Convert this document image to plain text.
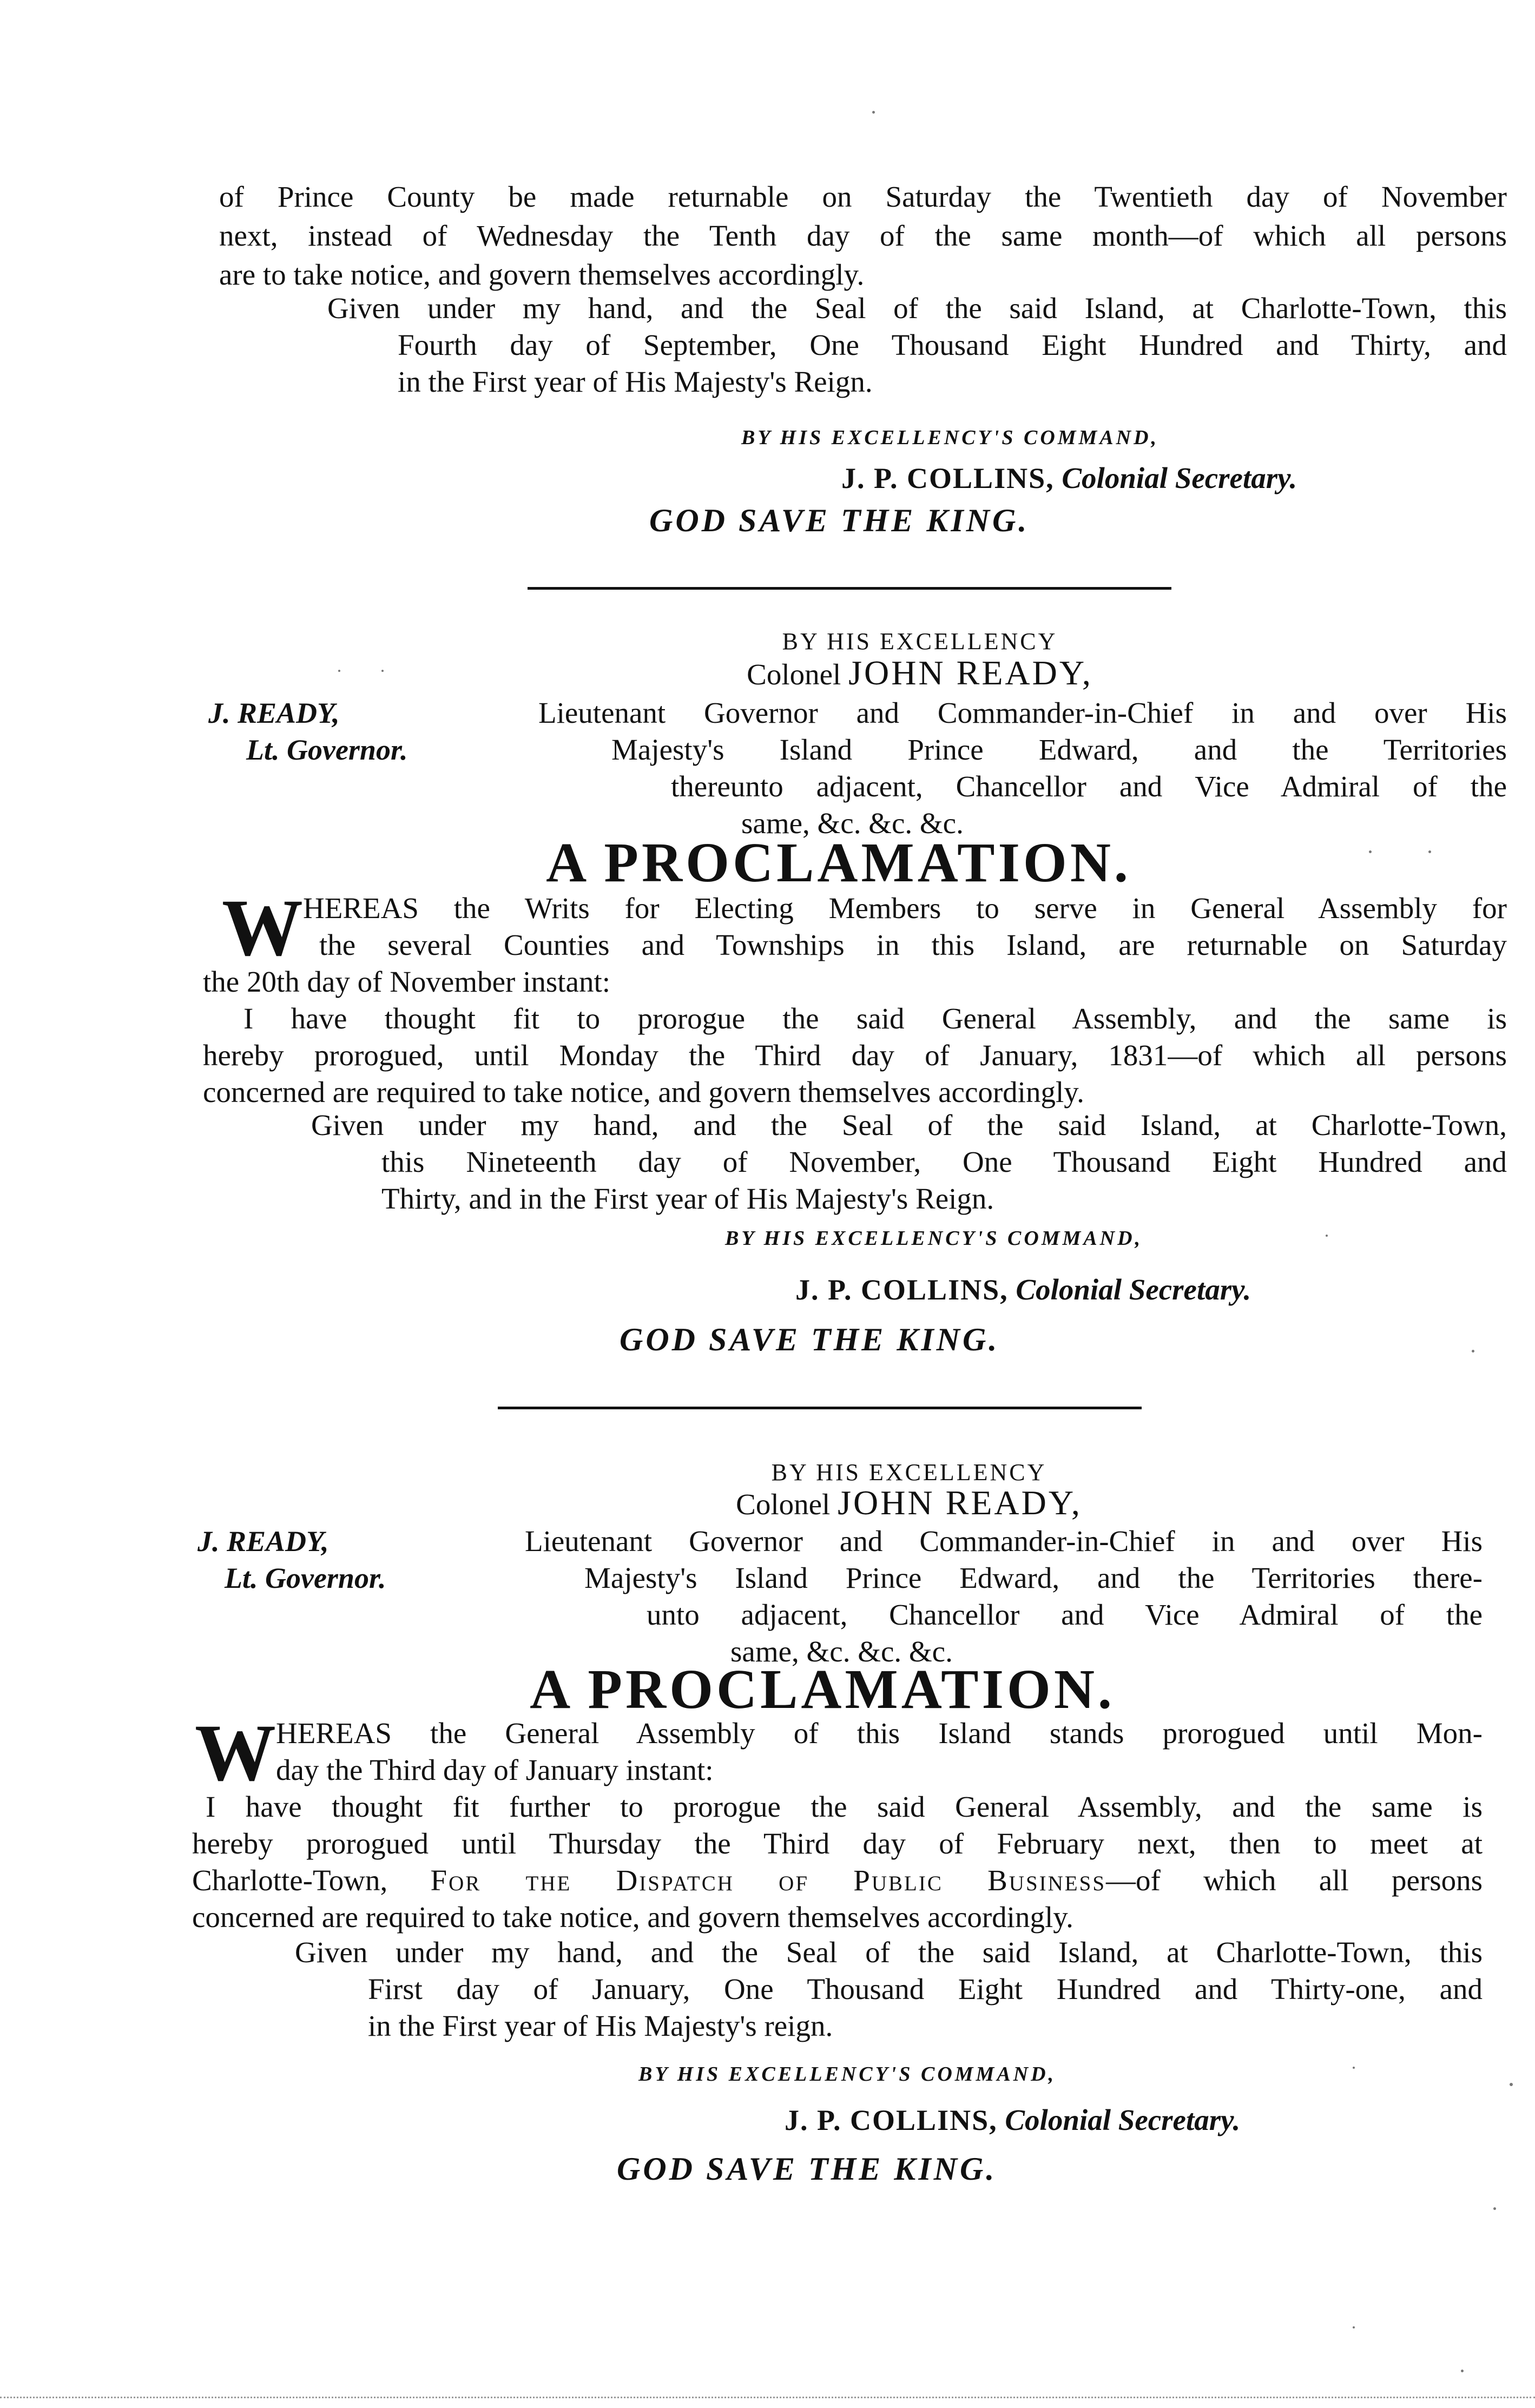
of Prince County be made returnable on Saturday the Twentieth day of November
next, instead of Wednesday the Tenth day of the same month—of which all persons
are to take notice, and govern themselves accordingly.
Given under my hand, and the Seal of the said Island, at Charlotte-Town, this
Fourth day of September, One Thousand Eight Hundred and Thirty, and
in the First year of His Majesty's Reign.
BY HIS EXCELLENCY'S COMMAND,
J. P. COLLINS, Colonial Secretary.
GOD SAVE THE KING.
BY HIS EXCELLENCY
Colonel JOHN READY,
J. READY,
Lt. Governor.
Lieutenant Governor and Commander-in-Chief in and over His
Majesty's Island Prince Edward, and the Territories
thereunto adjacent, Chancellor and Vice Admiral of the
same, &c. &c. &c.
A PROCLAMATION.
W HEREAS the Writs for Electing Members to serve in General Assembly for
the several Counties and Townships in this Island, are returnable on Saturday
the 20th day of November instant:
I have thought fit to prorogue the said General Assembly, and the same is
hereby prorogued, until Monday the Third day of January, 1831—of which all persons
concerned are required to take notice, and govern themselves accordingly.
Given under my hand, and the Seal of the said Island, at Charlotte-Town,
this Nineteenth day of November, One Thousand Eight Hundred and
Thirty, and in the First year of His Majesty's Reign.
BY HIS EXCELLENCY'S COMMAND,
J. P. COLLINS, Colonial Secretary.
GOD SAVE THE KING.
BY HIS EXCELLENCY
Colonel JOHN READY,
J. READY,
Lt. Governor.
Lieutenant Governor and Commander-in-Chief in and over His
Majesty's Island Prince Edward, and the Territories there-
unto adjacent, Chancellor and Vice Admiral of the
same, &c. &c. &c.
A PROCLAMATION.
W HEREAS the General Assembly of this Island stands prorogued until Mon-
day the Third day of January instant:
I have thought fit further to prorogue the said General Assembly, and the same is
hereby prorogued until Thursday the Third day of February next, then to meet at
Charlotte-Town, For the Dispatch of Public Business—of which all persons
concerned are required to take notice, and govern themselves accordingly.
Given under my hand, and the Seal of the said Island, at Charlotte-Town, this
First day of January, One Thousand Eight Hundred and Thirty-one, and
in the First year of His Majesty's reign.
BY HIS EXCELLENCY'S COMMAND,
J. P. COLLINS, Colonial Secretary.
GOD SAVE THE KING.
